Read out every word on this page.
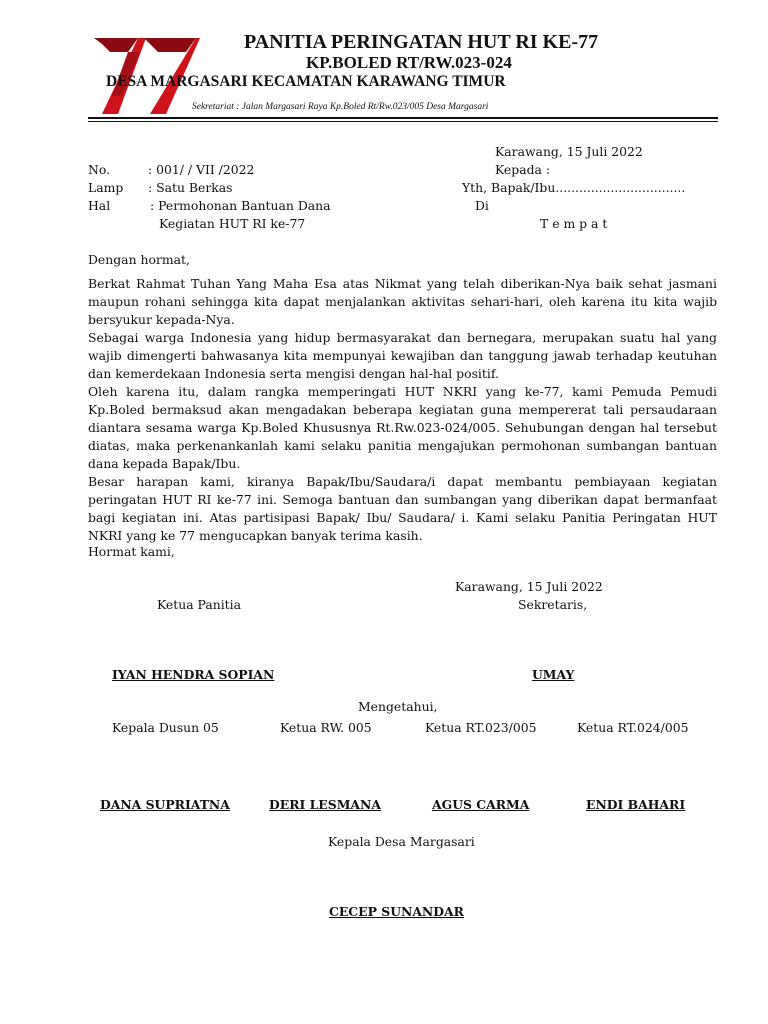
PANITIA PERINGATAN HUT RI KE-77
KP.BOLED RT/RW.023-024
DESA MARGASARI KECAMATAN KARAWANG TIMUR
Sekretariat : Jalan Margasari Raya Kp.Boled Rt/Rw.023/005 Desa Margasari
Karawang, 15 Juli 2022
No.	: 001/ / VII /2022	Kepada :
Lamp : Satu Berkas	Yth, Bapak/Ibu.................................
Hal	: Permohonan Bantuan Dana	Di
Kegiatan HUT RI ke-77	T e m p a t
Dengan hormat,
Berkat Rahmat Tuhan Yang Maha Esa atas Nikmat yang telah diberikan-Nya baik sehat jasmani maupun rohani sehingga kita dapat menjalankan aktivitas sehari-hari, oleh karena itu kita wajib bersyukur kepada-Nya.
Sebagai warga Indonesia yang hidup bermasyarakat dan bernegara, merupakan suatu hal yang wajib dimengerti bahwasanya kita mempunyai kewajiban dan tanggung jawab terhadap keutuhan dan kemerdekaan Indonesia serta mengisi dengan hal-hal positif.
Oleh karena itu, dalam rangka memperingati HUT NKRI yang ke-77, kami Pemuda Pemudi Kp.Boled bermaksud akan mengadakan beberapa kegiatan guna mempererat tali persaudaraan diantara sesama warga Kp.Boled Khususnya Rt.Rw.023-024/005. Sehubungan dengan hal tersebut diatas, maka perkenankanlah kami selaku panitia mengajukan permohonan sumbangan bantuan dana kepada Bapak/Ibu.
Besar harapan kami, kiranya Bapak/Ibu/Saudara/i dapat membantu pembiayaan kegiatan peringatan HUT RI ke-77 ini. Semoga bantuan dan sumbangan yang diberikan dapat bermanfaat bagi kegiatan ini. Atas partisipasi Bapak/ Ibu/ Saudara/ i. Kami selaku Panitia Peringatan HUT NKRI yang ke 77 mengucapkan banyak terima kasih.
Hormat kami,
Karawang, 15 Juli 2022
Ketua Panitia	Sekretaris,
IYAN HENDRA SOPIAN	UMAY
Mengetahui,
Kepala Dusun 05	Ketua RW. 005	Ketua RT.023/005	Ketua RT.024/005
DANA SUPRIATNA	DERI LESMANA	AGUS CARMA	ENDI BAHARI
Kepala Desa Margasari
CECEP SUNANDAR
